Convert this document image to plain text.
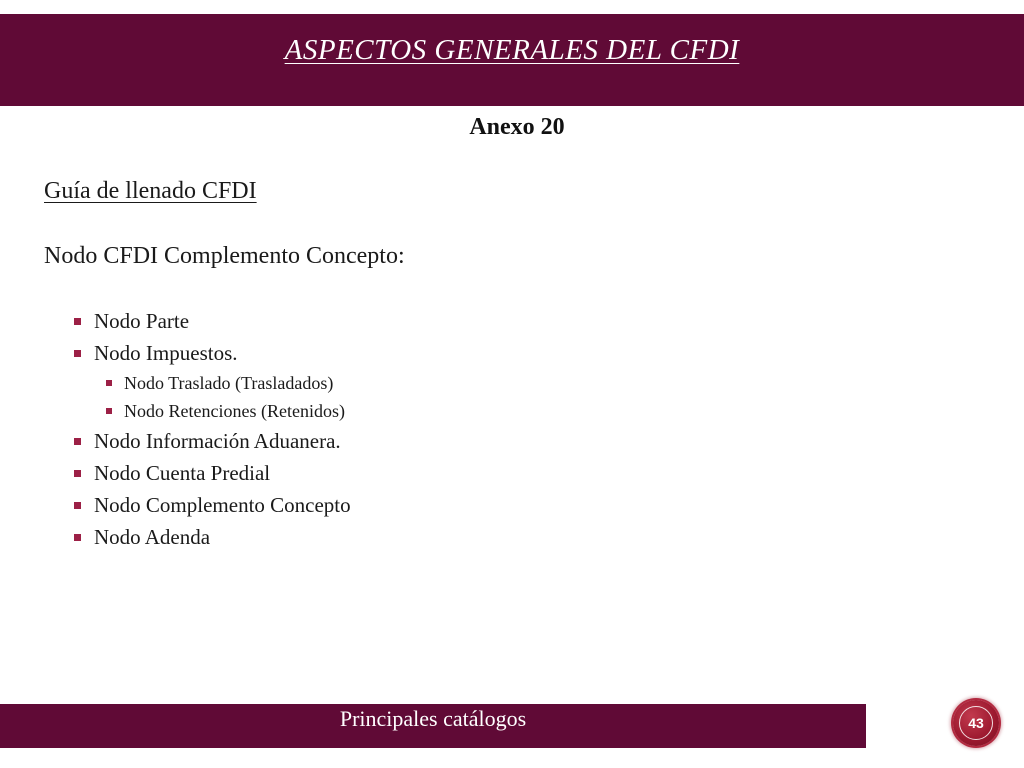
ASPECTOS GENERALES DEL CFDI
Anexo 20

Guía de llenado CFDI

Nodo CFDI Complemento Concepto:

Nodo Parte
Nodo Impuestos.
Nodo Traslado (Trasladados)
Nodo Retenciones (Retenidos)
Nodo Información Aduanera.
Nodo Cuenta Predial
Nodo Complemento Concepto
Nodo Adenda

Principales catálogos	43
